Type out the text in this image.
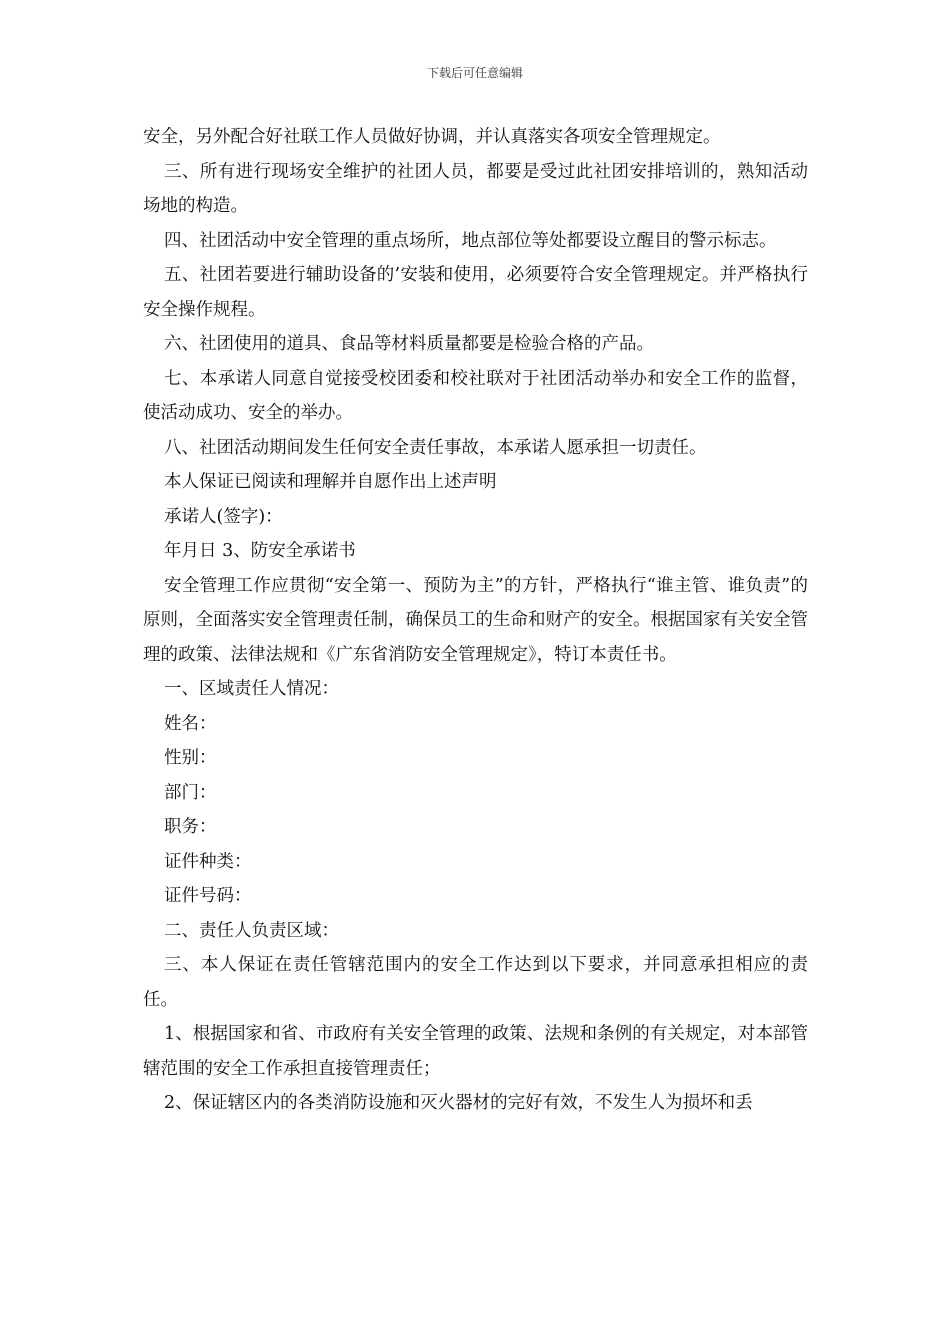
下载后可任意编辑

安全，另外配合好社联工作人员做好协调，并认真落实各项安全管理规定。

三、所有进行现场安全维护的社团人员，都要是受过此社团安排培训的，熟知活动场地的构造。

四、社团活动中安全管理的重点场所，地点部位等处都要设立醒目的警示标志。

五、社团若要进行辅助设备的’安装和使用，必须要符合安全管理规定。并严格执行安全操作规程。

六、社团使用的道具、食品等材料质量都要是检验合格的产品。

七、本承诺人同意自觉接受校团委和校社联对于社团活动举办和安全工作的监督，使活动成功、安全的举办。

八、社团活动期间发生任何安全责任事故，本承诺人愿承担一切责任。

本人保证已阅读和理解并自愿作出上述声明

承诺人(签字)：

年月日 3、防安全承诺书

安全管理工作应贯彻“安全第一、预防为主”的方针，严格执行“谁主管、谁负责”的原则，全面落实安全管理责任制，确保员工的生命和财产的安全。根据国家有关安全管理的政策、法律法规和《广东省消防安全管理规定》，特订本责任书。

一、区域责任人情况：

姓名：

性别：

部门：

职务：

证件种类：

证件号码：

二、责任人负责区域：

三、本人保证在责任管辖范围内的安全工作达到以下要求，并同意承担相应的责任。

1、根据国家和省、市政府有关安全管理的政策、法规和条例的有关规定，对本部管辖范围的安全工作承担直接管理责任；

2、保证辖区内的各类消防设施和灭火器材的完好有效，不发生人为损坏和丢
